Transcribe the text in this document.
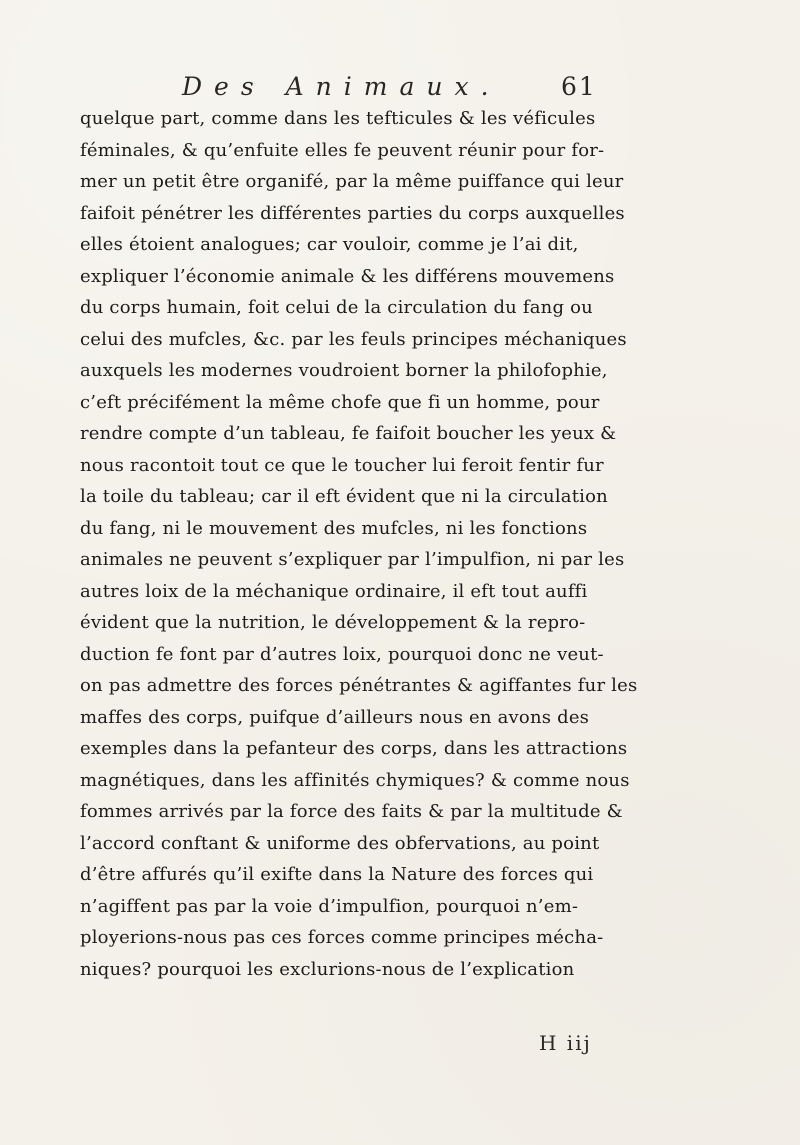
Des Animaux. 61
quelque part, comme dans les tefticules & les véficules
féminales, & qu’enfuite elles fe peuvent réunir pour for-
mer un petit être organifé, par la même puiffance qui leur
faifoit pénétrer les différentes parties du corps auxquelles
elles étoient analogues; car vouloir, comme je l’ai dit,
expliquer l’économie animale & les différens mouvemens
du corps humain, foit celui de la circulation du fang ou
celui des mufcles, &c. par les feuls principes méchaniques
auxquels les modernes voudroient borner la philofophie,
c’eft précifément la même chofe que fi un homme, pour
rendre compte d’un tableau, fe faifoit boucher les yeux &
nous racontoit tout ce que le toucher lui feroit fentir fur
la toile du tableau; car il eft évident que ni la circulation
du fang, ni le mouvement des mufcles, ni les fonctions
animales ne peuvent s’expliquer par l’impulfion, ni par les
autres loix de la méchanique ordinaire, il eft tout auffi
évident que la nutrition, le développement & la repro-
duction fe font par d’autres loix, pourquoi donc ne veut-
on pas admettre des forces pénétrantes & agiffantes fur les
maffes des corps, puifque d’ailleurs nous en avons des
exemples dans la pefanteur des corps, dans les attractions
magnétiques, dans les affinités chymiques? & comme nous
fommes arrivés par la force des faits & par la multitude &
l’accord conftant & uniforme des obfervations, au point
d’être affurés qu’il exifte dans la Nature des forces qui
n’agiffent pas par la voie d’impulfion, pourquoi n’em-
ployerions-nous pas ces forces comme principes mécha-
niques? pourquoi les exclurions-nous de l’explication
H iij
